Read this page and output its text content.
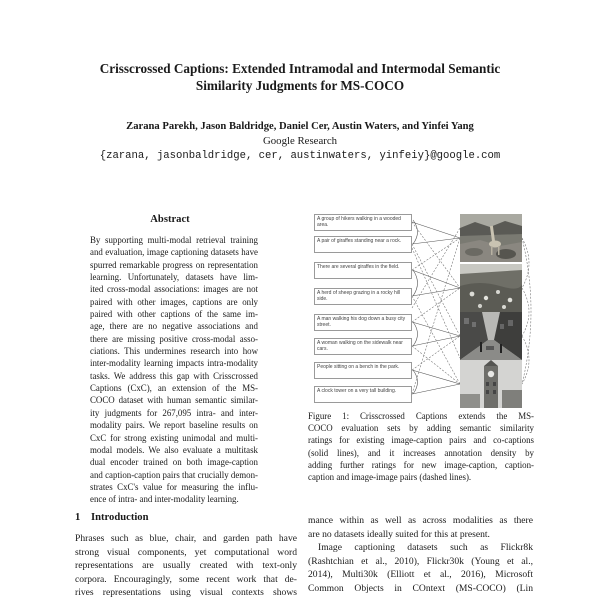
Crisscrossed Captions: Extended Intramodal and Intermodal Semantic
Similarity Judgments for MS-COCO
Zarana Parekh, Jason Baldridge, Daniel Cer, Austin Waters, and Yinfei Yang
Google Research
{zarana, jasonbaldridge, cer, austinwaters, yinfeiy}@google.com
Abstract
By supporting multi-modal retrieval training
and evaluation, image captioning datasets have
spurred remarkable progress on representation
learning. Unfortunately, datasets have lim-
ited cross-modal associations: images are not
paired with other images, captions are only
paired with other captions of the same im-
age, there are no negative associations and
there are missing positive cross-modal asso-
ciations. This undermines research into how
inter-modality learning impacts intra-modality
tasks. We address this gap with Crisscrossed
Captions (CxC), an extension of the MS-
COCO dataset with human semantic similar-
ity judgments for 267,095 intra- and inter-
modality pairs. We report baseline results on
CxC for strong existing unimodal and multi-
modal models. We also evaluate a multitask
dual encoder trained on both image-caption
and caption-caption pairs that crucially demon-
strates CxC's value for measuring the influ-
ence of intra- and inter-modality learning.
A group of hikers walking in a wooded area.
A pair of giraffes standing near a rock.
There are several giraffes in the field.
A herd of sheep grazing in a rocky hill side.
A man walking his dog down a busy city street.
A woman walking on the sidewalk near cars.
People sitting on a bench in the park.
A clock tower on a very tall building.
Figure 1: Crisscrossed Captions extends the MS-
COCO evaluation sets by adding semantic similarity
ratings for existing image-caption pairs and co-captions
(solid lines), and it increases annotation density by
adding further ratings for new image-caption, caption-
caption and image-image pairs (dashed lines).
1 Introduction
Phrases such as blue, chair, and garden path have
strong visual components, yet computational word
representations are usually created with text-only
corpora. Encouragingly, some recent work that de-
rives representations using visual contexts shows
mance within as well as across modalities as there
are no datasets ideally suited for this at present.
Image captioning datasets such as Flickr8k
(Rashtchian et al., 2010), Flickr30k (Young et al.,
2014), Multi30k (Elliott et al., 2016), Microsoft
Common Objects in COntext (MS-COCO) (Lin
